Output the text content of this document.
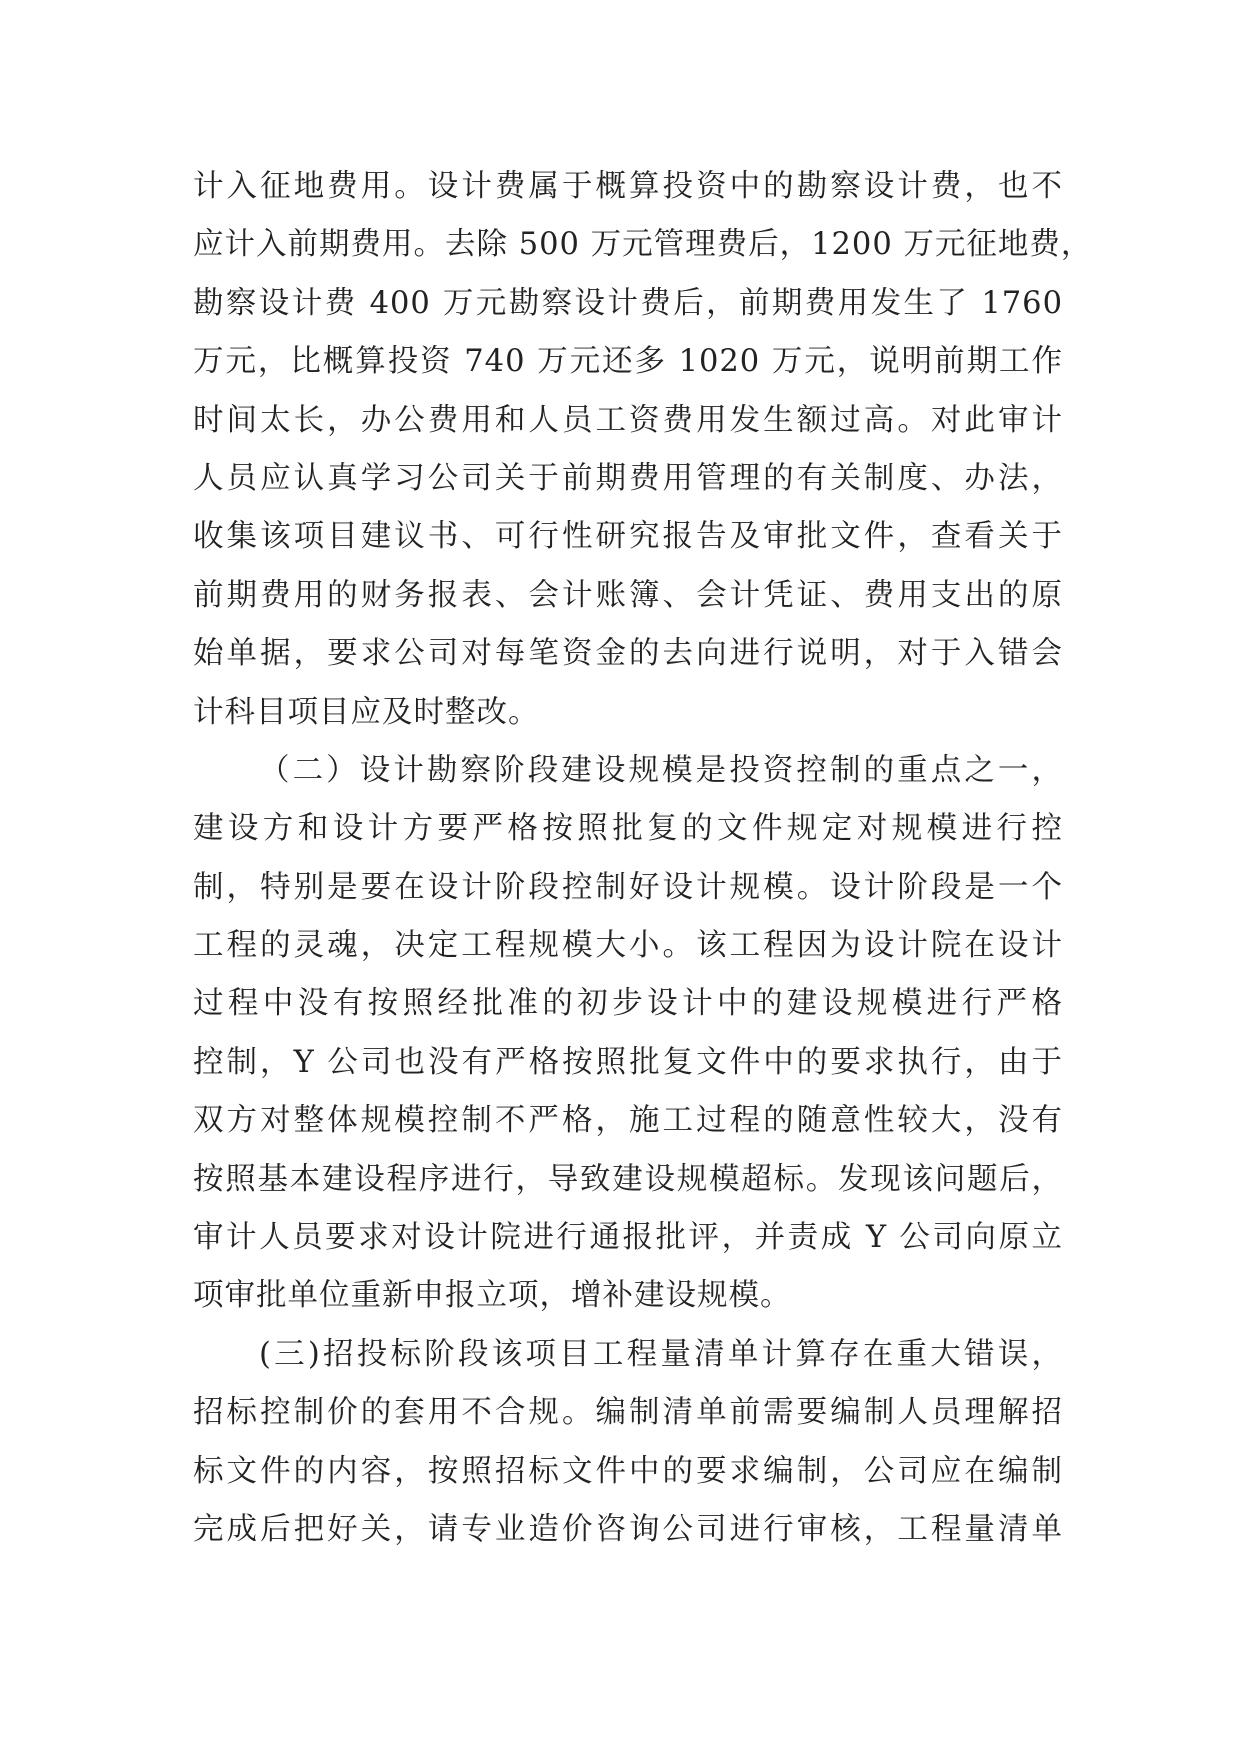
计入征地费用。设计费属于概算投资中的勘察设计费，也不
应计入前期费用。去除 500 万元管理费后，1200 万元征地费，
勘察设计费 400 万元勘察设计费后，前期费用发生了 1760
万元，比概算投资 740 万元还多 1020 万元，说明前期工作
时间太长，办公费用和人员工资费用发生额过高。对此审计
人员应认真学习公司关于前期费用管理的有关制度、办法，
收集该项目建议书、可行性研究报告及审批文件，查看关于
前期费用的财务报表、会计账簿、会计凭证、费用支出的原
始单据，要求公司对每笔资金的去向进行说明，对于入错会
计科目项目应及时整改。
（二）设计勘察阶段建设规模是投资控制的重点之一，
建设方和设计方要严格按照批复的文件规定对规模进行控
制，特别是要在设计阶段控制好设计规模。设计阶段是一个
工程的灵魂，决定工程规模大小。该工程因为设计院在设计
过程中没有按照经批准的初步设计中的建设规模进行严格
控制，Y 公司也没有严格按照批复文件中的要求执行，由于
双方对整体规模控制不严格，施工过程的随意性较大，没有
按照基本建设程序进行，导致建设规模超标。发现该问题后，
审计人员要求对设计院进行通报批评，并责成 Y 公司向原立
项审批单位重新申报立项，增补建设规模。
(三)招投标阶段该项目工程量清单计算存在重大错误，
招标控制价的套用不合规。编制清单前需要编制人员理解招
标文件的内容，按照招标文件中的要求编制，公司应在编制
完成后把好关，请专业造价咨询公司进行审核，工程量清单
